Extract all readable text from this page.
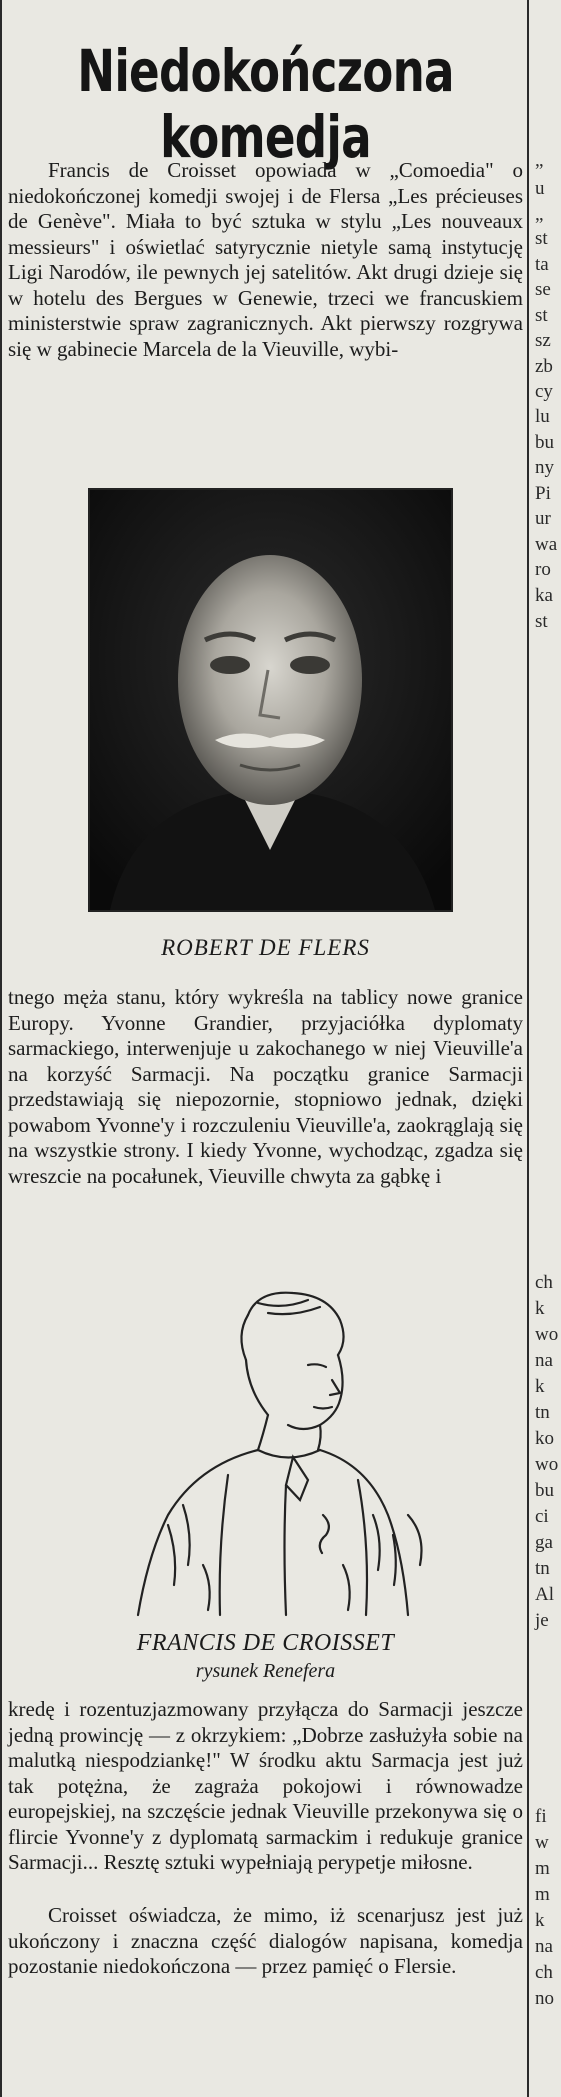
„
u
„
st
ta
se
st
sz
zb
cy
lu
bu
ny
Pi
ur
wa
ro
ka
st
ch
k
wo
na
k
tn
ko
wo
bu
ci
ga
tn
Al
je
fi
w
m
m
k
na
ch
no
Niedokończona komedja

Francis de Croisset opowiada w „Comoedia" o niedokończonej komedji swojej i de Flersa „Les précieuses de Genève". Miała to być sztuka w stylu „Les nouveaux messieurs" i oświetlać satyrycznie nietyle samą instytucję Ligi Narodów, ile pewnych jej satelitów. Akt drugi dzieje się w hotelu des Bergues w Genewie, trzeci we francuskiem ministerstwie spraw zagranicznych. Akt pierwszy rozgrywa się w gabinecie Marcela de la Vieuville, wybi-

ROBERT DE FLERS

tnego męża stanu, który wykreśla na tablicy nowe granice Europy. Yvonne Grandier, przyjaciółka dyplomaty sarmackiego, interwenjuje u zakochanego w niej Vieuville'a na korzyść Sarmacji. Na początku granice Sarmacji przedstawiają się niepozornie, stopniowo jednak, dzięki powabom Yvonne'y i rozczuleniu Vieuville'a, zaokrąglają się na wszystkie strony. I kiedy Yvonne, wychodząc, zgadza się wreszcie na pocałunek, Vieuville chwyta za gąbkę i

FRANCIS DE CROISSET
rysunek Renefera

kredę i rozentuzjazmowany przyłącza do Sarmacji jeszcze jedną prowincję — z okrzykiem: „Dobrze zasłużyła sobie na malutką niespodziankę!" W środku aktu Sarmacja jest już tak potężna, że zagraża pokojowi i równowadze europejskiej, na szczęście jednak Vieuville przekonywa się o flircie Yvonne'y z dyplomatą sarmackim i redukuje granice Sarmacji... Resztę sztuki wypełniają perypetje miłosne.

Croisset oświadcza, że mimo, iż scenarjusz jest już ukończony i znaczna część dialogów napisana, komedja pozostanie niedokończona — przez pamięć o Flersie.
